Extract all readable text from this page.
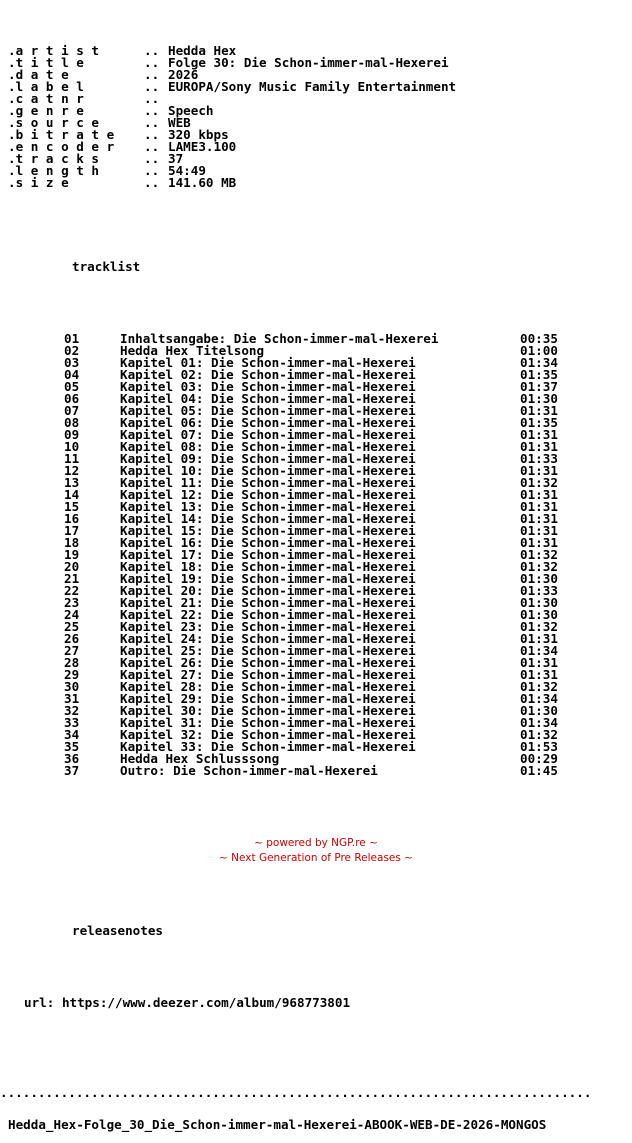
.a r t i s t	.. Hedda Hex
.t i t l e	.. Folge 30: Die Schon-immer-mal-Hexerei
.d a t e	.. 2026
.l a b e l	.. EUROPA/Sony Music Family Entertainment
.c a t n r	..
.g e n r e	.. Speech
.s o u r c e	.. WEB
.b i t r a t e .. 320 kbps
.e n c o d e r .. LAME3.100
.t r a c k s	.. 37
.l e n g t h	.. 54:49
.s i z e	.. 141.60 MB

tracklist

01	Inhaltsangabe: Die Schon-immer-mal-Hexerei	00:35
02	Hedda Hex Titelsong	01:00
03	Kapitel 01: Die Schon-immer-mal-Hexerei	01:34
04	Kapitel 02: Die Schon-immer-mal-Hexerei	01:35
05	Kapitel 03: Die Schon-immer-mal-Hexerei	01:37
06	Kapitel 04: Die Schon-immer-mal-Hexerei	01:30
07	Kapitel 05: Die Schon-immer-mal-Hexerei	01:31
08	Kapitel 06: Die Schon-immer-mal-Hexerei	01:35
09	Kapitel 07: Die Schon-immer-mal-Hexerei	01:31
10	Kapitel 08: Die Schon-immer-mal-Hexerei	01:31
11	Kapitel 09: Die Schon-immer-mal-Hexerei	01:33
12	Kapitel 10: Die Schon-immer-mal-Hexerei	01:31
13	Kapitel 11: Die Schon-immer-mal-Hexerei	01:32
14	Kapitel 12: Die Schon-immer-mal-Hexerei	01:31
15	Kapitel 13: Die Schon-immer-mal-Hexerei	01:31
16	Kapitel 14: Die Schon-immer-mal-Hexerei	01:31
17	Kapitel 15: Die Schon-immer-mal-Hexerei	01:31
18	Kapitel 16: Die Schon-immer-mal-Hexerei	01:31
19	Kapitel 17: Die Schon-immer-mal-Hexerei	01:32
20	Kapitel 18: Die Schon-immer-mal-Hexerei	01:32
21	Kapitel 19: Die Schon-immer-mal-Hexerei	01:30
22	Kapitel 20: Die Schon-immer-mal-Hexerei	01:33
23	Kapitel 21: Die Schon-immer-mal-Hexerei	01:30
24	Kapitel 22: Die Schon-immer-mal-Hexerei	01:30
25	Kapitel 23: Die Schon-immer-mal-Hexerei	01:32
26	Kapitel 24: Die Schon-immer-mal-Hexerei	01:31
27	Kapitel 25: Die Schon-immer-mal-Hexerei	01:34
28	Kapitel 26: Die Schon-immer-mal-Hexerei	01:31
29	Kapitel 27: Die Schon-immer-mal-Hexerei	01:31
30	Kapitel 28: Die Schon-immer-mal-Hexerei	01:32
31	Kapitel 29: Die Schon-immer-mal-Hexerei	01:34
32	Kapitel 30: Die Schon-immer-mal-Hexerei	01:30
33	Kapitel 31: Die Schon-immer-mal-Hexerei	01:34
34	Kapitel 32: Die Schon-immer-mal-Hexerei	01:32
35	Kapitel 33: Die Schon-immer-mal-Hexerei	01:53
36	Hedda Hex Schlusssong	00:29
37	Outro: Die Schon-immer-mal-Hexerei	01:45

releasenotes

url: https://www.deezer.com/album/968773801

..............................................................................

Hedda_Hex-Folge_30_Die_Schon-immer-mal-Hexerei-ABOOK-WEB-DE-2026-MONGOS

~ powered by NGP.re ~
~ Next Generation of Pre Releases ~
